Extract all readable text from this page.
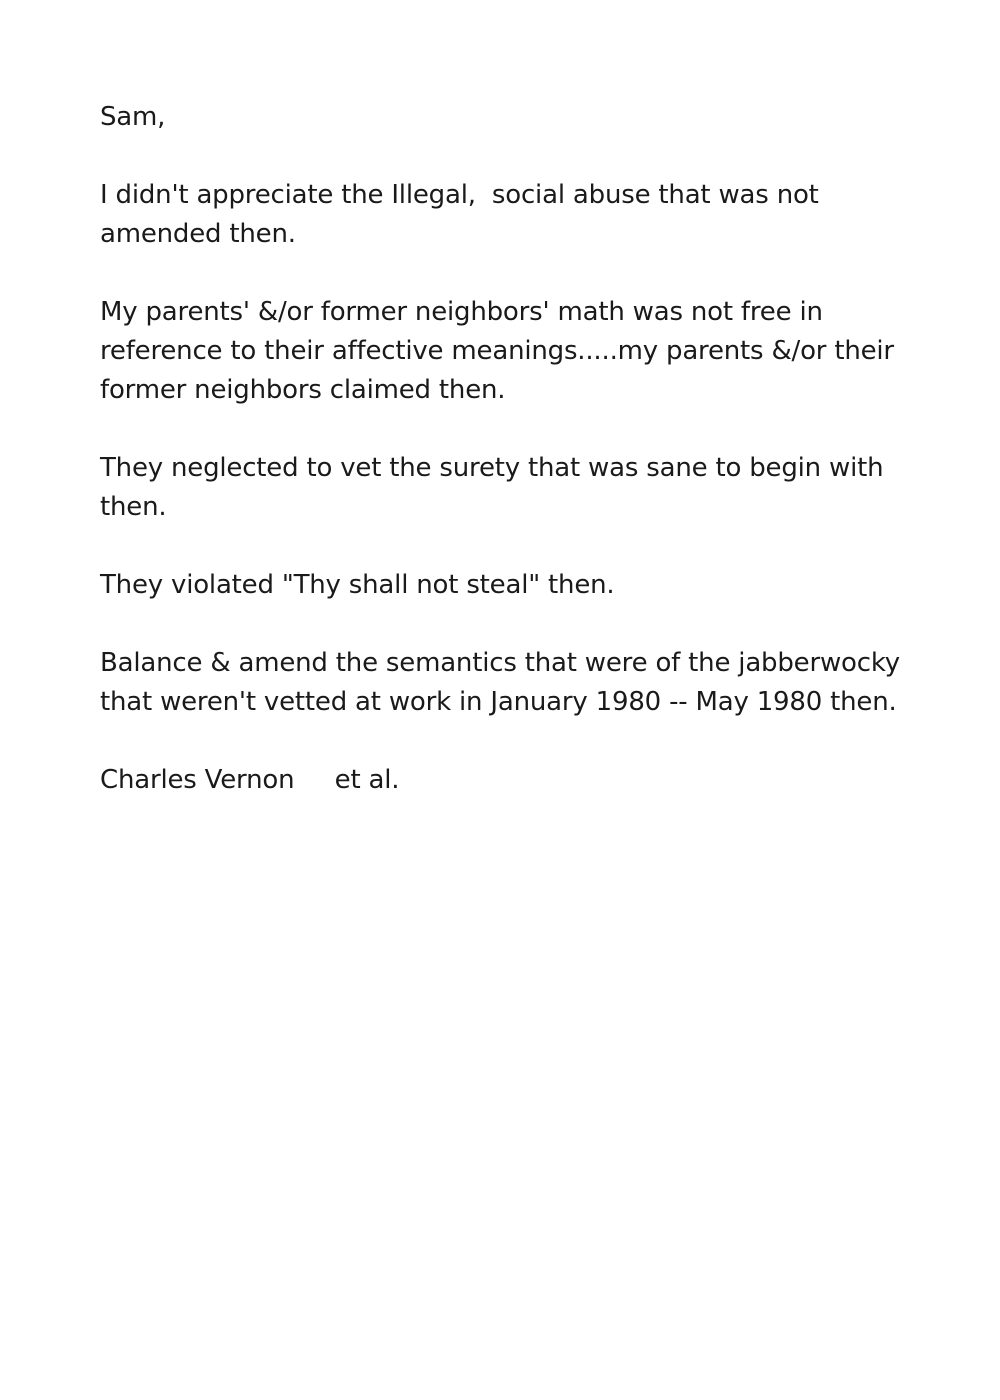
Sam,

I didn't appreciate the Illegal,  social abuse that was not amended then.

My parents' &/or former neighbors' math was not free in reference to their affective meanings.....my parents &/or their former neighbors claimed then.

They neglected to vet the surety that was sane to begin with then.

They violated "Thy shall not steal" then.

Balance & amend the semantics that were of the jabberwocky that weren't vetted at work in January 1980 -- May 1980 then.

Charles Vernon     et al.
